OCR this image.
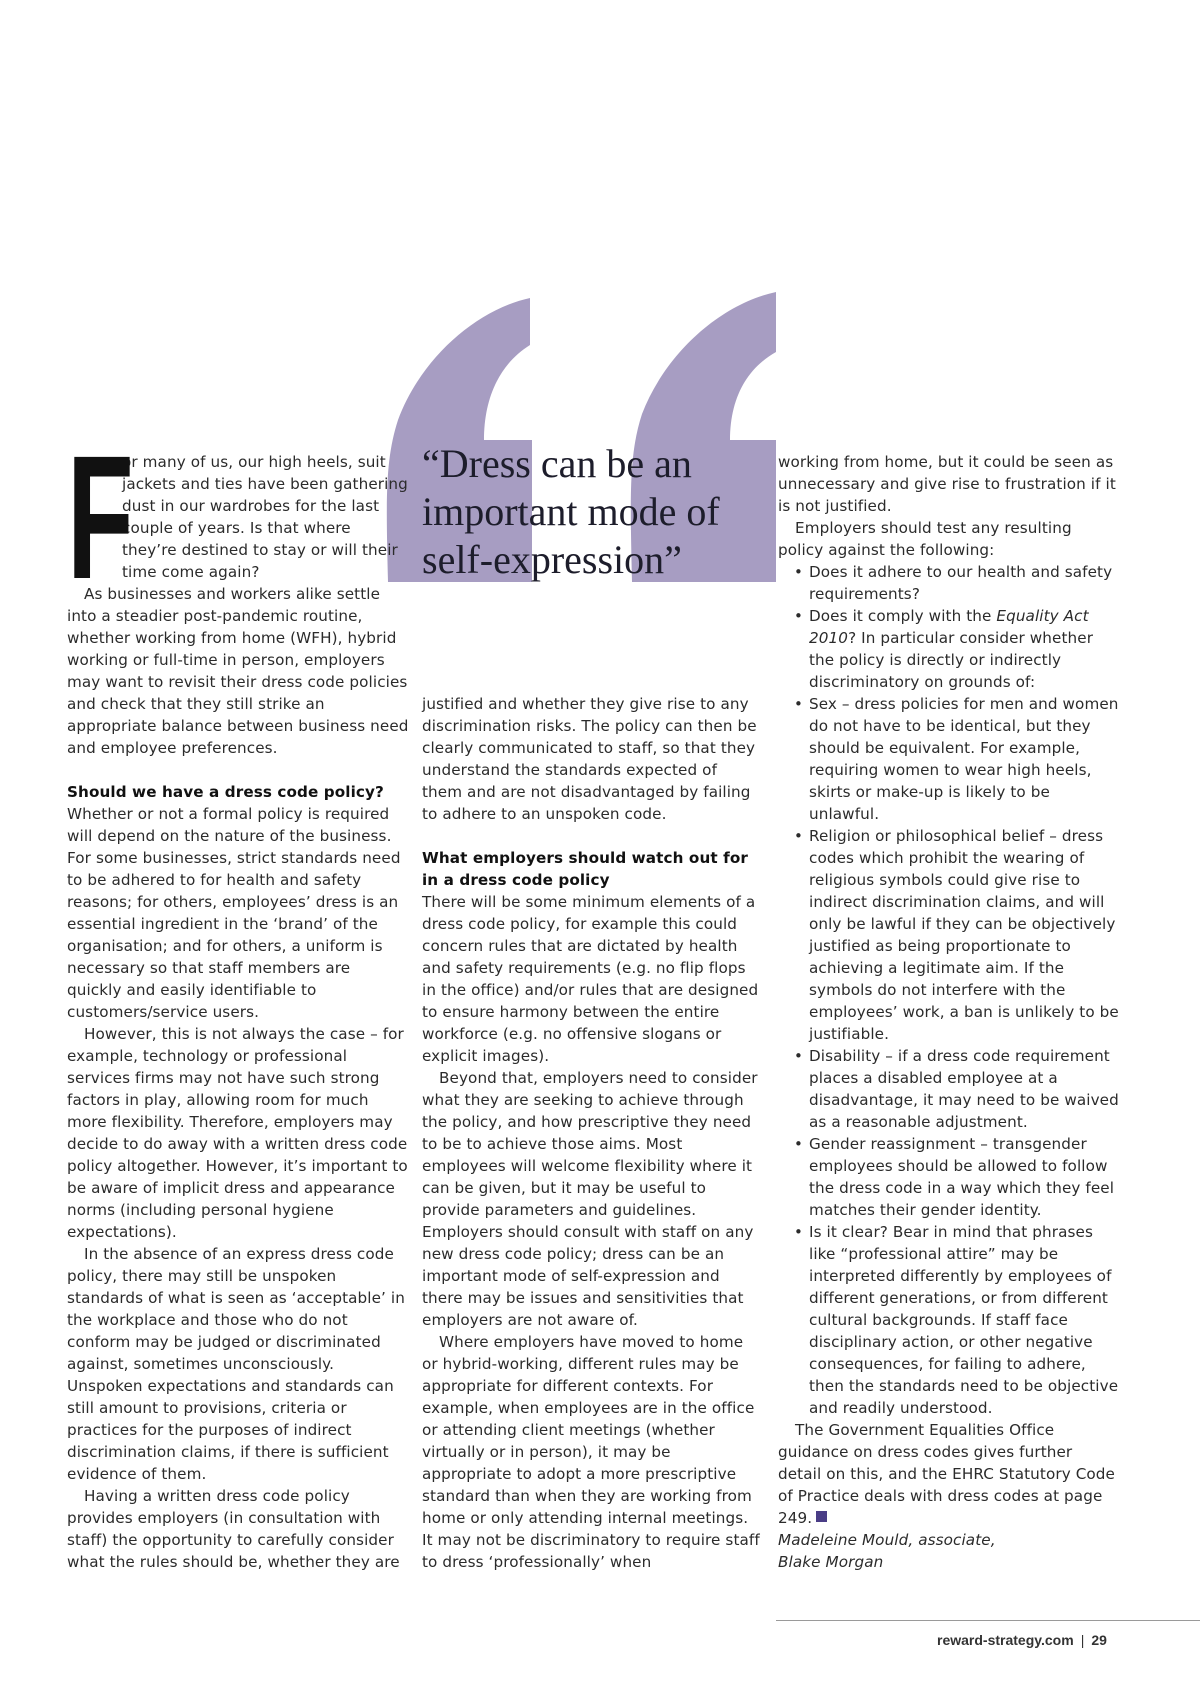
“Dress can be an important mode of self-expression”
F

or many of us, our high heels, suit jackets and ties have been gathering dust in our wardrobes for the last couple of years. Is that where they’re destined to stay or will their time come again?

As businesses and workers alike settle into a steadier post-pandemic routine, whether working from home (WFH), hybrid working or full-time in person, employers may want to revisit their dress code policies and check that they still strike an appropriate balance between business need and employee preferences.

Should we have a dress code policy?

Whether or not a formal policy is required will depend on the nature of the business. For some businesses, strict standards need to be adhered to for health and safety reasons; for others, employees’ dress is an essential ingredient in the ‘brand’ of the organisation; and for others, a uniform is necessary so that staff members are quickly and easily identifiable to customers/service users.

However, this is not always the case – for example, technology or professional services firms may not have such strong factors in play, allowing room for much more flexibility. Therefore, employers may decide to do away with a written dress code policy altogether. However, it’s important to be aware of implicit dress and appearance norms (including personal hygiene expectations).

In the absence of an express dress code policy, there may still be unspoken standards of what is seen as ‘acceptable’ in the workplace and those who do not conform may be judged or discriminated against, sometimes unconsciously. Unspoken expectations and standards can still amount to provisions, criteria or practices for the purposes of indirect discrimination claims, if there is sufficient evidence of them.

Having a written dress code policy provides employers (in consultation with staff) the opportunity to carefully consider what the rules should be, whether they are

justified and whether they give rise to any discrimination risks. The policy can then be clearly communicated to staff, so that they understand the standards expected of them and are not disadvantaged by failing to adhere to an unspoken code.

What employers should watch out for in a dress code policy

There will be some minimum elements of a dress code policy, for example this could concern rules that are dictated by health and safety requirements (e.g. no flip flops in the office) and/or rules that are designed to ensure harmony between the entire workforce (e.g. no offensive slogans or explicit images).

Beyond that, employers need to consider what they are seeking to achieve through the policy, and how prescriptive they need to be to achieve those aims. Most employees will welcome flexibility where it can be given, but it may be useful to provide parameters and guidelines. Employers should consult with staff on any new dress code policy; dress can be an important mode of self-expression and there may be issues and sensitivities that employers are not aware of.

Where employers have moved to home or hybrid-working, different rules may be appropriate for different contexts. For example, when employees are in the office or attending client meetings (whether virtually or in person), it may be appropriate to adopt a more prescriptive standard than when they are working from home or only attending internal meetings. It may not be discriminatory to require staff to dress ‘professionally’ when

working from home, but it could be seen as unnecessary and give rise to frustration if it is not justified.

Employers should test any resulting policy against the following:

• Does it adhere to our health and safety requirements?
• Does it comply with the Equality Act 2010? In particular consider whether the policy is directly or indirectly discriminatory on grounds of:
• Sex – dress policies for men and women do not have to be identical, but they should be equivalent. For example, requiring women to wear high heels, skirts or make-up is likely to be unlawful.
• Religion or philosophical belief – dress codes which prohibit the wearing of religious symbols could give rise to indirect discrimination claims, and will only be lawful if they can be objectively justified as being proportionate to achieving a legitimate aim. If the symbols do not interfere with the employees’ work, a ban is unlikely to be justifiable.
• Disability – if a dress code requirement places a disabled employee at a disadvantage, it may need to be waived as a reasonable adjustment.
• Gender reassignment – transgender employees should be allowed to follow the dress code in a way which they feel matches their gender identity.
• Is it clear? Bear in mind that phrases like “professional attire” may be interpreted differently by employees of different generations, or from different cultural backgrounds. If staff face disciplinary action, or other negative consequences, for failing to adhere, then the standards need to be objective and readily understood.

The Government Equalities Office guidance on dress codes gives further detail on this, and the EHRC Statutory Code of Practice deals with dress codes at page 249.

Madeleine Mould, associate,

Blake Morgan

reward-strategy.com | 29
